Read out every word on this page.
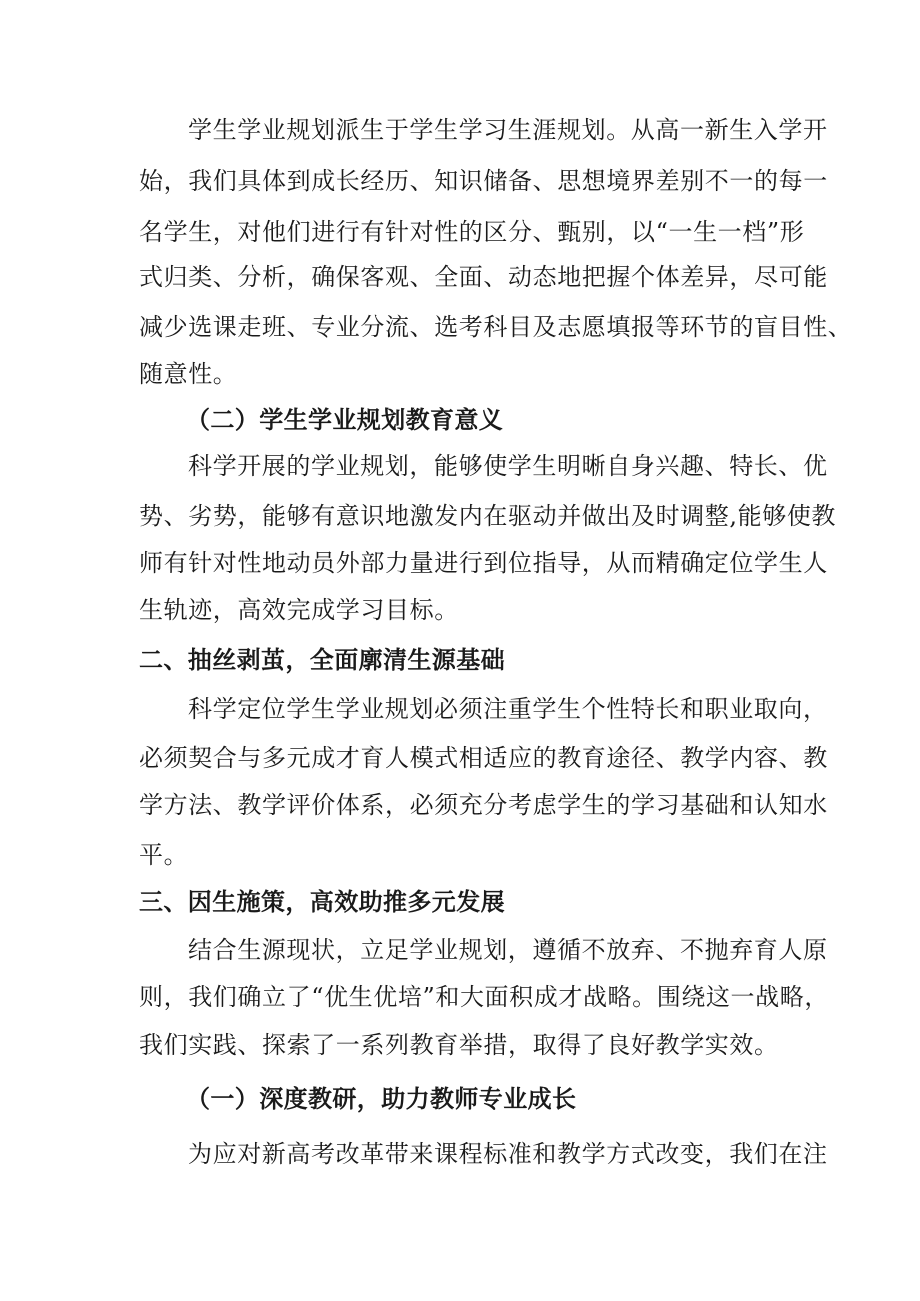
学生学业规划派生于学生学习生涯规划。从高一新生入学开
始，我们具体到成长经历、知识储备、思想境界差别不一的每一
名学生，对他们进行有针对性的区分、甄别，以“一生一档”形
式归类、分析，确保客观、全面、动态地把握个体差异，尽可能
减少选课走班、专业分流、选考科目及志愿填报等环节的盲目性、
随意性。
（二）学生学业规划教育意义
科学开展的学业规划，能够使学生明晰自身兴趣、特长、优
势、劣势，能够有意识地激发内在驱动并做出及时调整,能够使教
师有针对性地动员外部力量进行到位指导，从而精确定位学生人
生轨迹，高效完成学习目标。
二、抽丝剥茧，全面廓清生源基础
科学定位学生学业规划必须注重学生个性特长和职业取向，
必须契合与多元成才育人模式相适应的教育途径、教学内容、教
学方法、教学评价体系，必须充分考虑学生的学习基础和认知水
平。
三、因生施策，高效助推多元发展
结合生源现状，立足学业规划，遵循不放弃、不抛弃育人原
则，我们确立了“优生优培”和大面积成才战略。围绕这一战略，
我们实践、探索了一系列教育举措，取得了良好教学实效。
（一）深度教研，助力教师专业成长
为应对新高考改革带来课程标准和教学方式改变，我们在注
